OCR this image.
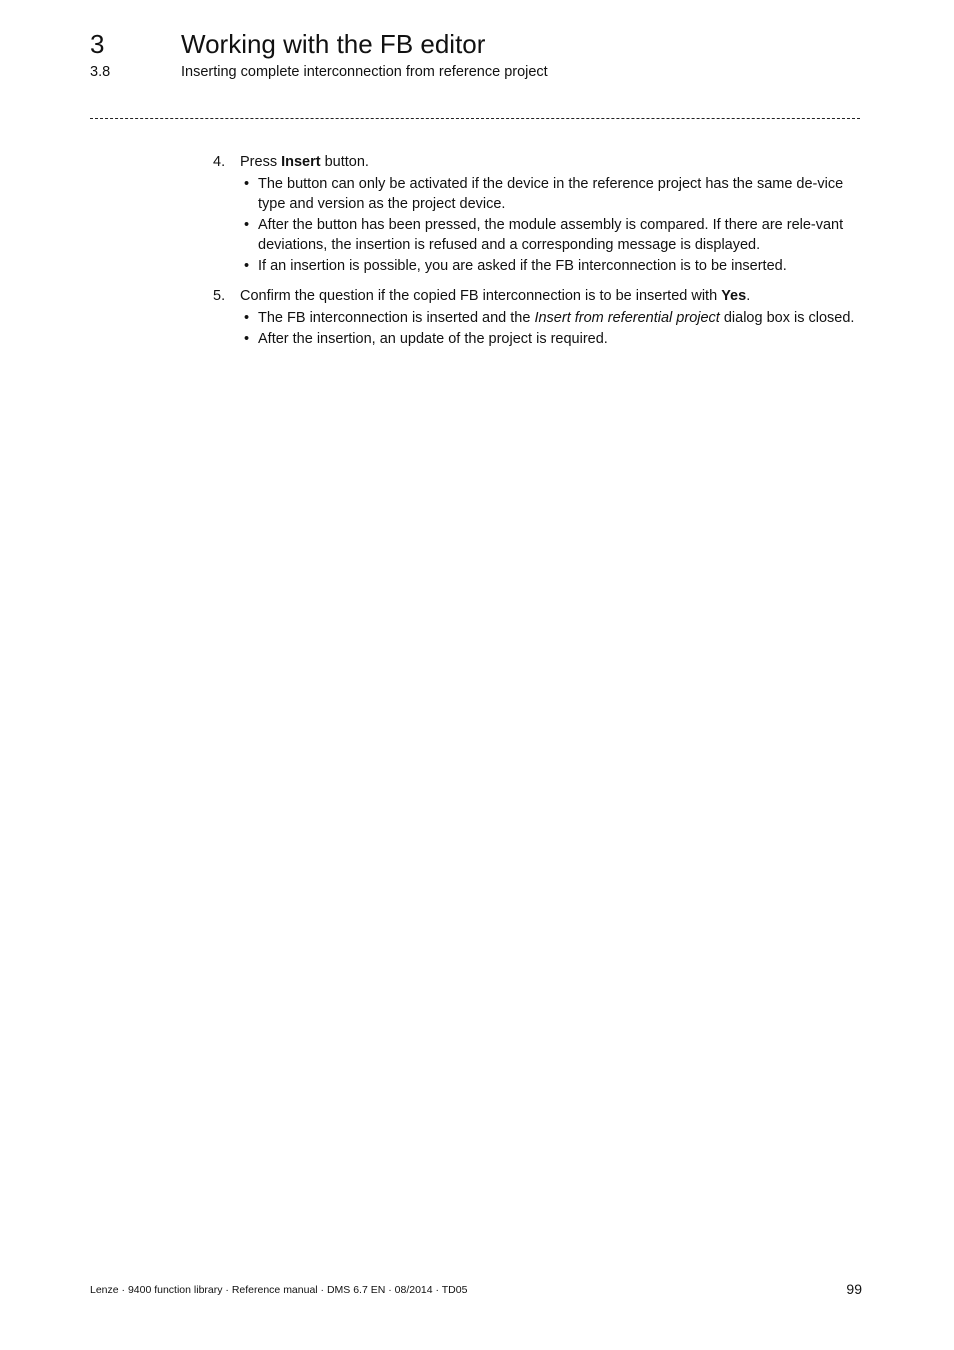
3	Working with the FB editor
3.8	Inserting complete interconnection from reference project
4. Press Insert button.
• The button can only be activated if the device in the reference project has the same de-vice type and version as the project device.
• After the button has been pressed, the module assembly is compared. If there are rele-vant deviations, the insertion is refused and a corresponding message is displayed.
• If an insertion is possible, you are asked if the FB interconnection is to be inserted.
5. Confirm the question if the copied FB interconnection is to be inserted with Yes.
• The FB interconnection is inserted and the Insert from referential project dialog box is closed.
• After the insertion, an update of the project is required.
Lenze · 9400 function library · Reference manual · DMS 6.7 EN · 08/2014 · TD05	99
